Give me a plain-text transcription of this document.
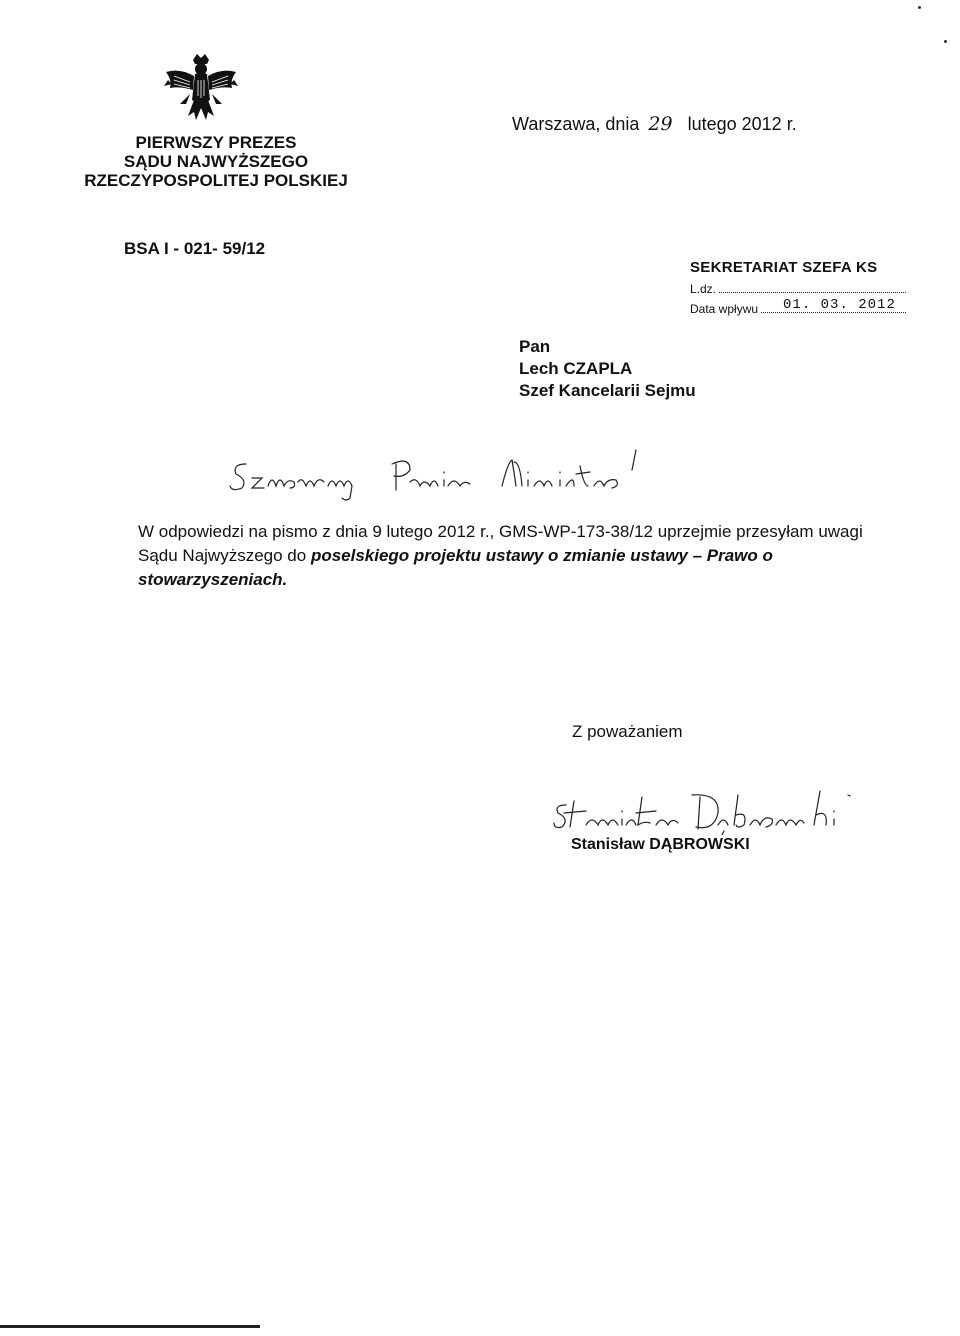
PIERWSZY PREZES
SĄDU NAJWYŻSZEGO
RZECZYPOSPOLITEJ POLSKIEJ
Warszawa, dnia 29 lutego 2012 r.
BSA I - 021- 59/12
SEKRETARIAT SZEFA KS
L.dz.
Data wpływu 01. 03. 2012
Pan
Lech CZAPLA
Szef Kancelarii Sejmu
W odpowiedzi na pismo z dnia 9 lutego 2012 r., GMS-WP-173-38/12 uprzejmie przesyłam uwagi Sądu Najwyższego do poselskiego projektu ustawy o zmianie ustawy – Prawo o stowarzyszeniach.
Z poważaniem
Stanisław DĄBROWSKI
